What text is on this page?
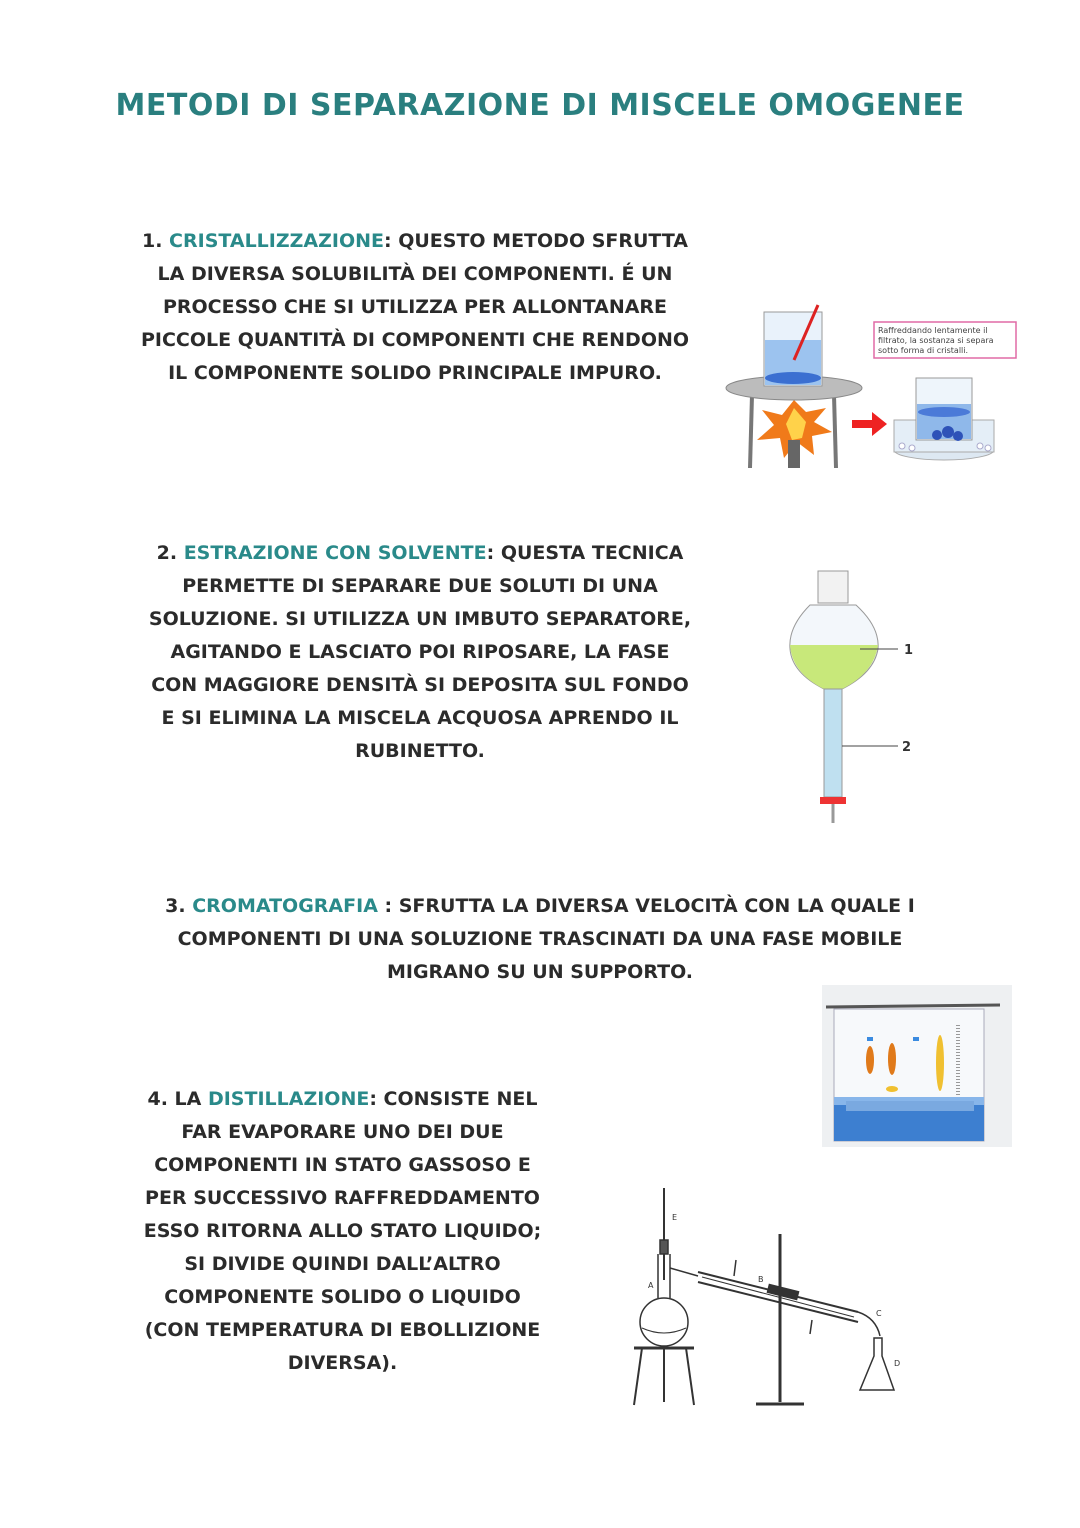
METODI DI SEPARAZIONE DI MISCELE OMOGENEE
1. CRISTALLIZZAZIONE: QUESTO METODO SFRUTTA
LA DIVERSA SOLUBILITÀ DEI COMPONENTI. É UN
PROCESSO CHE SI UTILIZZA PER ALLONTANARE
PICCOLE QUANTITÀ DI COMPONENTI CHE RENDONO
IL COMPONENTE SOLIDO PRINCIPALE IMPURO.
Raffreddando lentamente il
filtrato, la sostanza si separa
sotto forma di cristalli.
2. ESTRAZIONE CON SOLVENTE: QUESTA TECNICA
PERMETTE DI SEPARARE DUE SOLUTI DI UNA
SOLUZIONE. SI UTILIZZA UN IMBUTO SEPARATORE,
AGITANDO E LASCIATO POI RIPOSARE, LA FASE
CON MAGGIORE DENSITÀ SI DEPOSITA SUL FONDO
E SI ELIMINA LA MISCELA ACQUOSA APRENDO IL
RUBINETTO.
1
2
3. CROMATOGRAFIA : SFRUTTA LA DIVERSA VELOCITÀ CON LA QUALE I
COMPONENTI DI UNA SOLUZIONE TRASCINATI DA UNA FASE MOBILE
MIGRANO SU UN SUPPORTO.
4. LA DISTILLAZIONE: CONSISTE NEL
FAR EVAPORARE UNO DEI DUE
COMPONENTI IN STATO GASSOSO E
PER SUCCESSIVO RAFFREDDAMENTO
ESSO RITORNA ALLO STATO LIQUIDO;
SI DIVIDE QUINDI DALL’ALTRO
COMPONENTE SOLIDO O LIQUIDO
(CON TEMPERATURA DI EBOLLIZIONE
DIVERSA).
E
A
B
C
D
